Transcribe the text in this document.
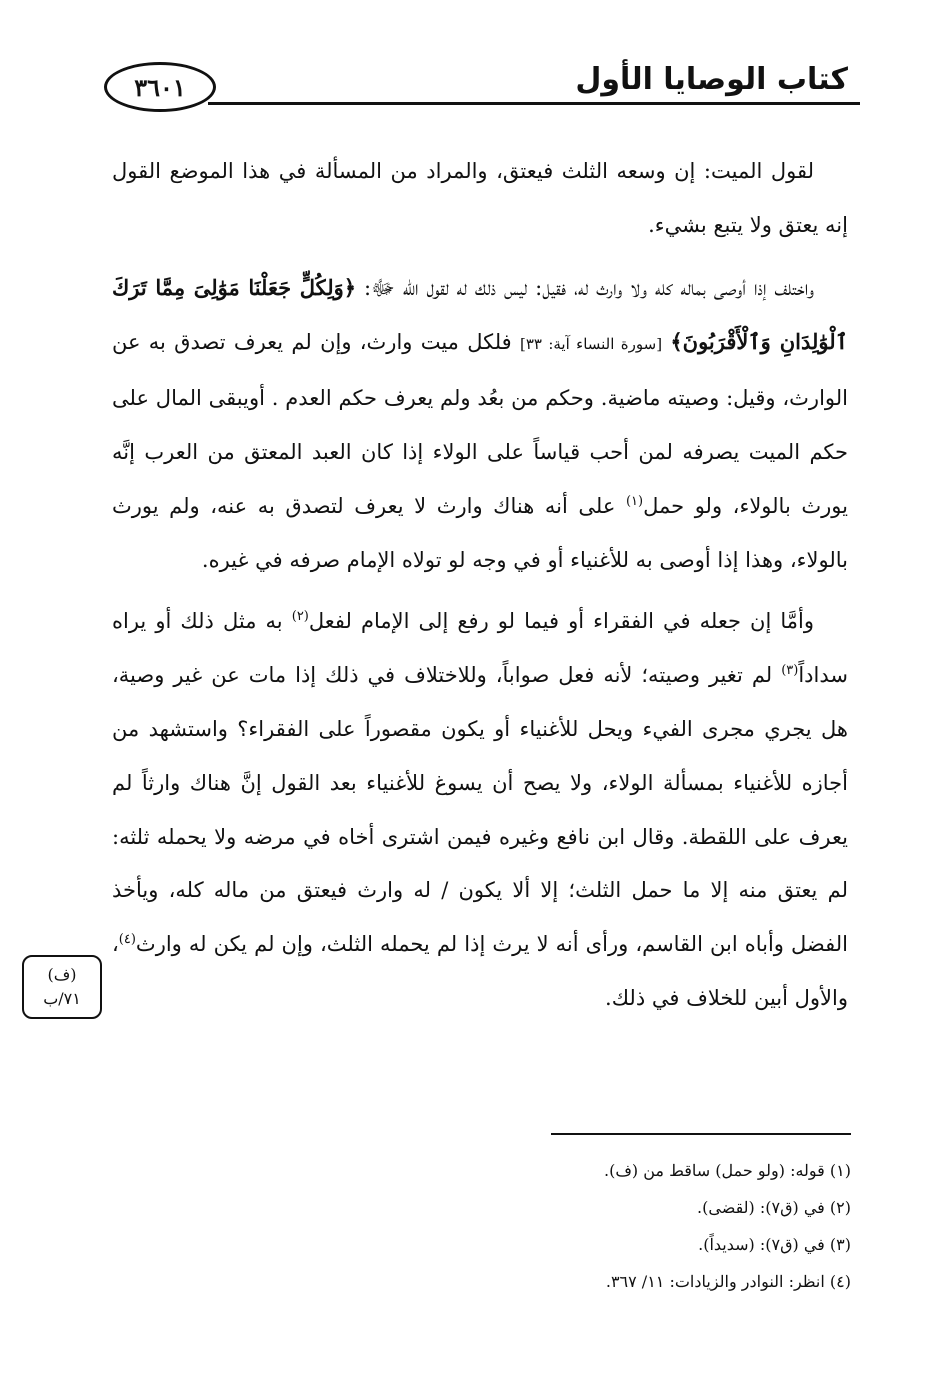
٣٦٠١	كتاب الوصايا الأول

لقول الميت: إن وسعه الثلث فيعتق، والمراد من المسألة في هذا الموضع القول إنه يعتق ولا يتبع بشيء.

واختلف إذا أوصى بماله كله ولا وارث له، فقيل: ليس ذلك له لقول الله ﷻ: ﴿وَلِكُلٍّ جَعَلْنَا مَوَٰلِىَ مِمَّا تَرَكَ ٱلْوَٰلِدَانِ وَٱلْأَقْرَبُونَ﴾ [سورة النساء آية: ٣٣] فلكل ميت وارث، وإن لم يعرف تصدق به عن الوارث، وقيل: وصيته ماضية. وحكم من بعُد ولم يعرف حكم العدم . أويبقى المال على حكم الميت يصرفه لمن أحب قياساً على الولاء إذا كان العبد المعتق من العرب إنَّه يورث بالولاء، ولو حمل$^{(١)}$ على أنه هناك وارث لا يعرف لتصدق به عنه، ولم يورث بالولاء، وهذا إذا أوصى به للأغنياء أو في وجه لو تولاه الإمام صرفه في غيره.

وأمَّا إن جعله في الفقراء أو فيما لو رفع إلى الإمام لفعل$^{(٢)}$ به مثل ذلك أو يراه سداداً$^{(٣)}$ لم تغير وصيته؛ لأنه فعل صواباً، وللاختلاف في ذلك إذا مات عن غير وصية، هل يجري مجرى الفيء ويحل للأغنياء أو يكون مقصوراً على الفقراء؟ واستشهد من أجازه للأغنياء بمسألة الولاء، ولا يصح أن يسوغ للأغنياء بعد القول إنَّ هناك وارثاً لم يعرف على اللقطة. وقال ابن نافع وغيره فيمن اشترى أخاه في مرضه ولا يحمله ثلثه: لم يعتق منه إلا ما حمل الثلث؛ إلا ألا يكون / له وارث فيعتق من ماله كله، ويأخذ الفضل وأباه ابن القاسم، ورأى أنه لا يرث إذا لم يحمله الثلث، وإن لم يكن له وارث$^{(٤)}$، والأول أبين للخلاف في ذلك.

(ف)
٧١/ب

(١) قوله: (ولو حمل) ساقط من (ف).

(٢) في (ق٧): (لقضى).

(٣) في (ق٧): (سديداً).

(٤) انظر: النوادر والزيادات: ١١/ ٣٦٧.
